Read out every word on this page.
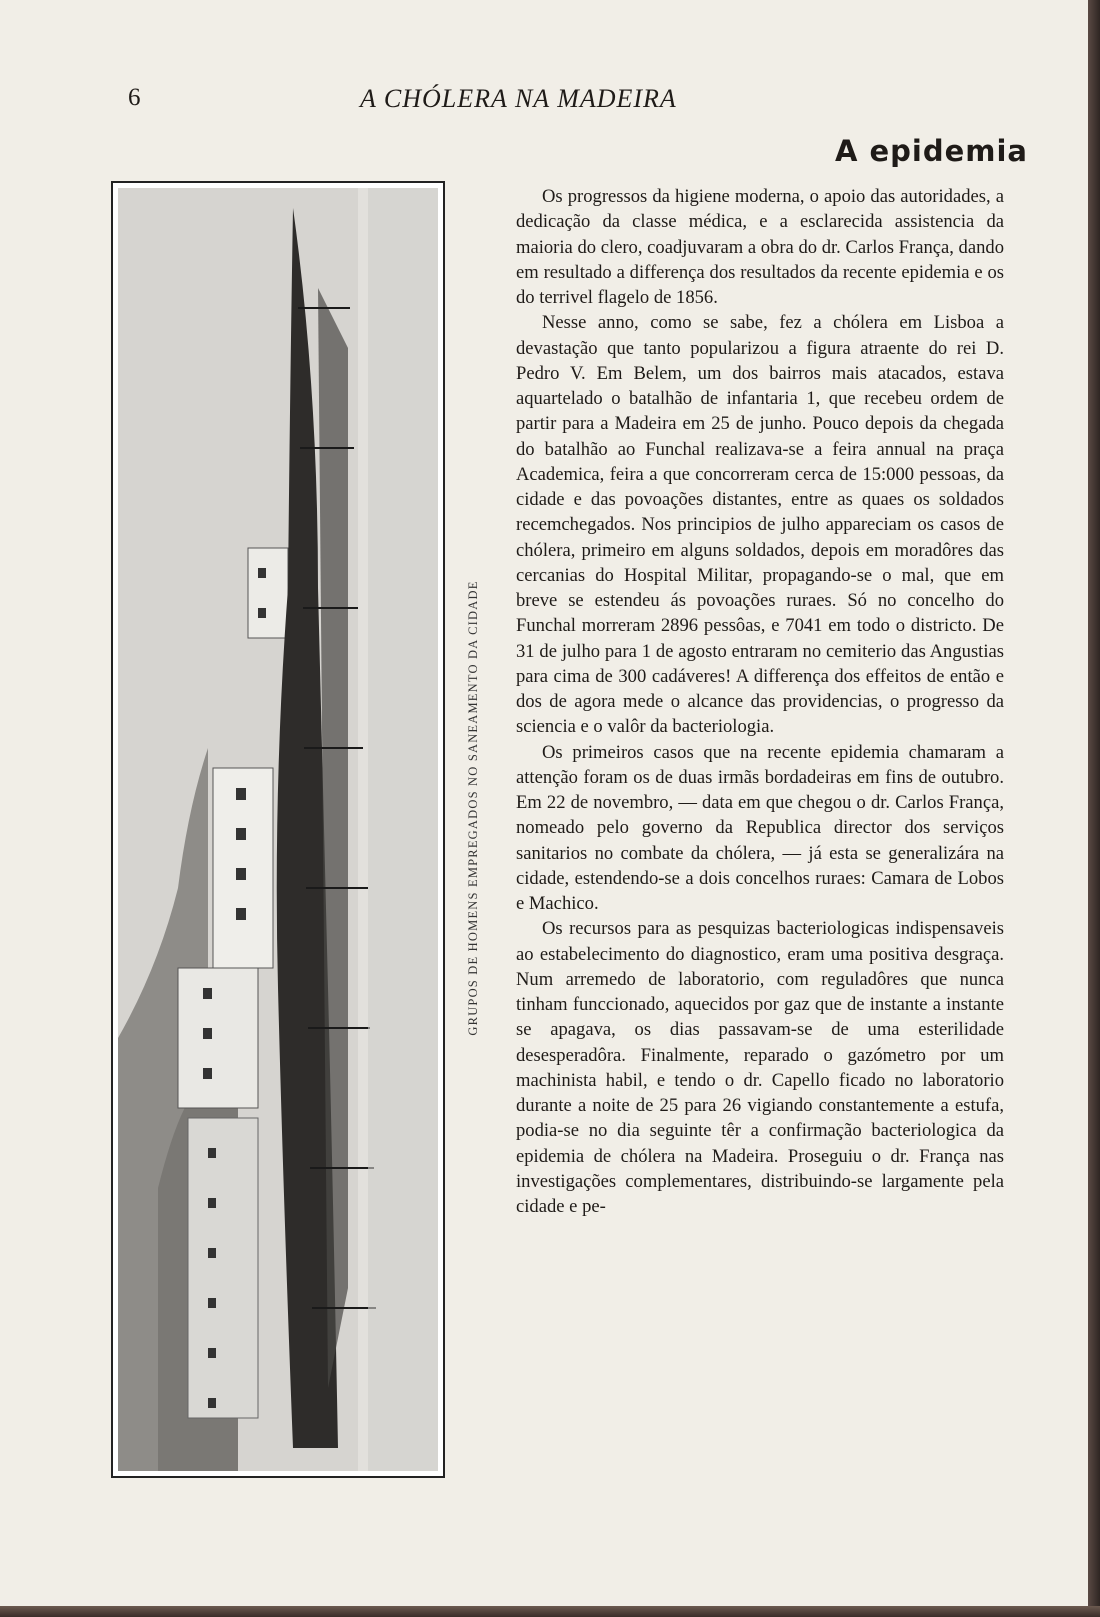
6	A CHÓLERA NA MADEIRA
A epidemia
GRUPOS DE HOMENS EMPREGADOS NO SANEAMENTO DA CIDADE

Os progressos da higiene moderna, o apoio das autoridades, a dedicação da classe médica, e a esclarecida assistencia da maioria do clero, coadjuvaram a obra do dr. Carlos França, dando em resultado a differença dos resultados da recente epidemia e os do terrivel flagelo de 1856.

Nesse anno, como se sabe, fez a chólera em Lisboa a devastação que tanto popularizou a figura atraente do rei D. Pedro V. Em Belem, um dos bairros mais atacados, estava aquartelado o batalhão de infantaria 1, que recebeu ordem de partir para a Madeira em 25 de junho. Pouco depois da chegada do batalhão ao Funchal realizava-se a feira annual na praça Academica, feira a que concorreram cerca de 15:000 pessoas, da cidade e das povoações distantes, entre as quaes os soldados recemchegados. Nos principios de julho appareciam os casos de chólera, primeiro em alguns soldados, depois em moradôres das cercanias do Hospital Militar, propagando-se o mal, que em breve se estendeu ás povoações ruraes. Só no concelho do Funchal morreram 2896 pessôas, e 7041 em todo o districto. De 31 de julho para 1 de agosto entraram no cemiterio das Angustias para cima de 300 cadáveres! A differença dos effeitos de então e dos de agora mede o alcance das providencias, o progresso da sciencia e o valôr da bacteriologia.

Os primeiros casos que na recente epidemia chamaram a attenção foram os de duas irmãs bordadeiras em fins de outubro. Em 22 de novembro, — data em que chegou o dr. Carlos França, nomeado pelo governo da Republica director dos serviços sanitarios no combate da chólera, — já esta se generalizára na cidade, estendendo-se a dois concelhos ruraes: Camara de Lobos e Machico.

Os recursos para as pesquizas bacteriologicas indispensaveis ao estabelecimento do diagnostico, eram uma positiva desgraça. Num arremedo de laboratorio, com reguladôres que nunca tinham funccionado, aquecidos por gaz que de instante a instante se apagava, os dias passavam-se de uma esterilidade desesperadôra. Finalmente, reparado o gazómetro por um machinista habil, e tendo o dr. Capello ficado no laboratorio durante a noite de 25 para 26 vigiando constantemente a estufa, podia-se no dia seguinte têr a confirmação bacteriologica da epidemia de chólera na Madeira. Proseguiu o dr. França nas investigações complementares, distribuindo-se largamente pela cidade e pe-
